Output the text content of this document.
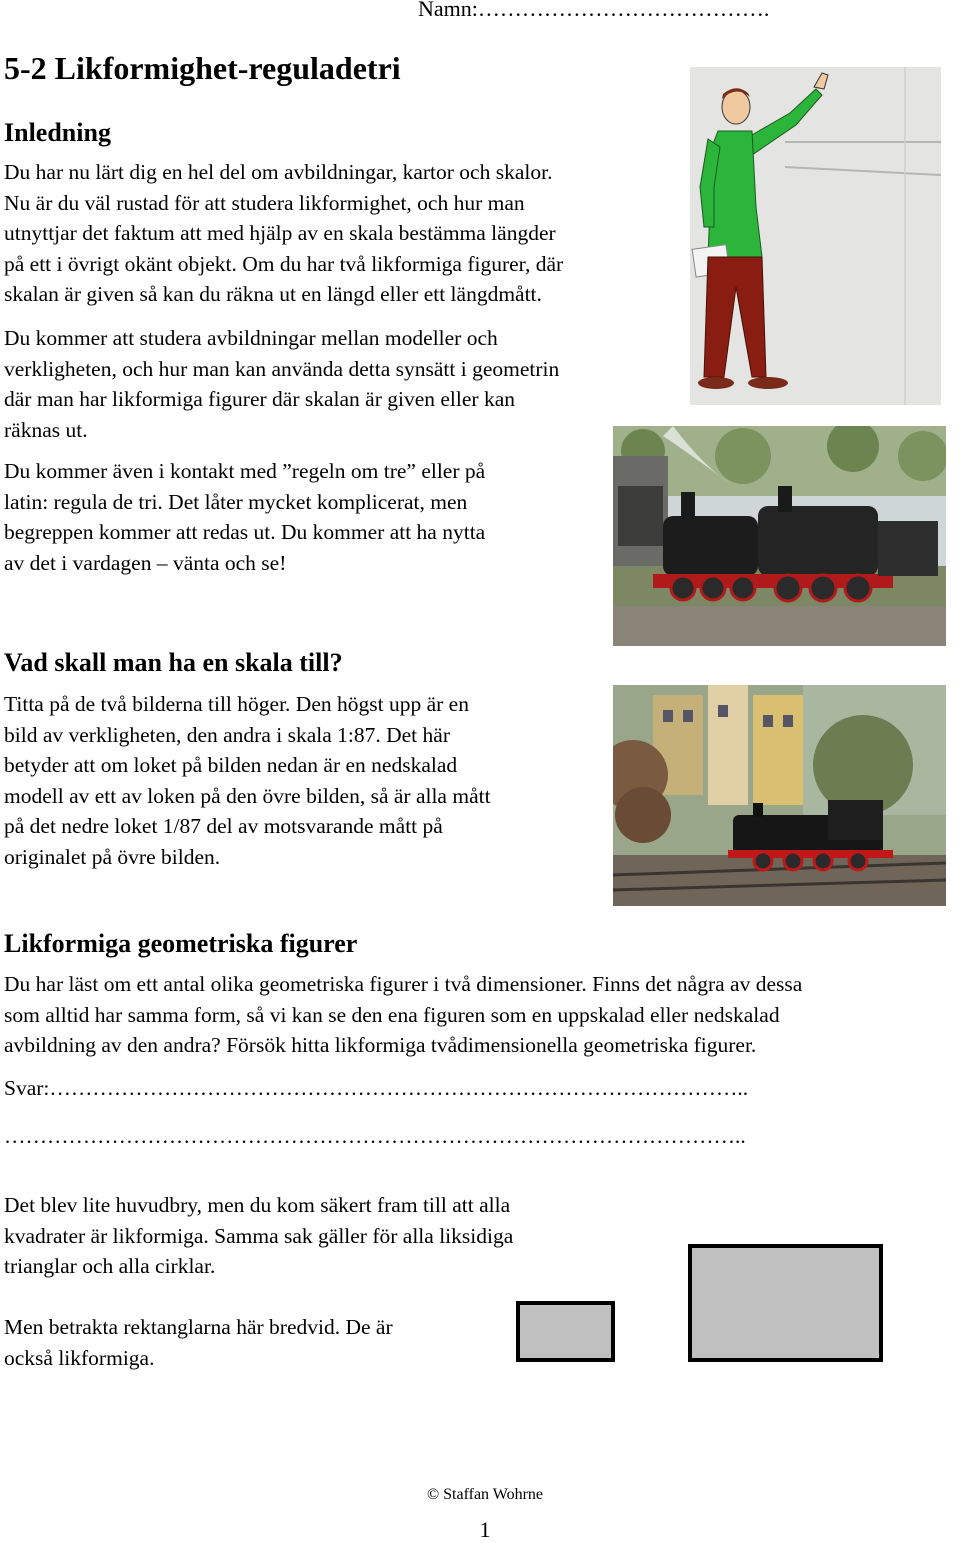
Namn:………………………………….
5-2 Likformighet-reguladetri
Inledning

Du har nu lärt dig en hel del om avbildningar, kartor och skalor.
Nu är du väl rustad för att studera likformighet, och hur man
utnyttjar det faktum att med hjälp av en skala bestämma längder
på ett i övrigt okänt objekt. Om du har två likformiga figurer, där
skalan är given så kan du räkna ut en längd eller ett längdmått.

Du kommer att studera avbildningar mellan modeller och
verkligheten, och hur man kan använda detta synsätt i geometrin
där man har likformiga figurer där skalan är given eller kan
räknas ut.

Du kommer även i kontakt med ”regeln om tre” eller på
latin: regula de tri. Det låter mycket komplicerat, men
begreppen kommer att redas ut. Du kommer att ha nytta
av det i vardagen – vänta och se!

Vad skall man ha en skala till?

Titta på de två bilderna till höger. Den högst upp är en
bild av verkligheten, den andra i skala 1:87. Det här
betyder att om loket på bilden nedan är en nedskalad
modell av ett av loken på den övre bilden, så är alla mått
på det nedre loket 1/87 del av motsvarande mått på
originalet på övre bilden.

Likformiga geometriska figurer

Du har läst om ett antal olika geometriska figurer i två dimensioner. Finns det några av dessa
som alltid har samma form, så vi kan se den ena figuren som en uppskalad eller nedskalad
avbildning av den andra? Försök hitta likformiga tvådimensionella geometriska figurer.

Svar:……………………………………………………………………………………..
…………………………………………………………………………………………..

Det blev lite huvudbry, men du kom säkert fram till att alla
kvadrater är likformiga. Samma sak gäller för alla liksidiga
trianglar och alla cirklar.

Men betrakta rektanglarna här bredvid. De är
också likformiga.

© Staffan Wohrne
1
